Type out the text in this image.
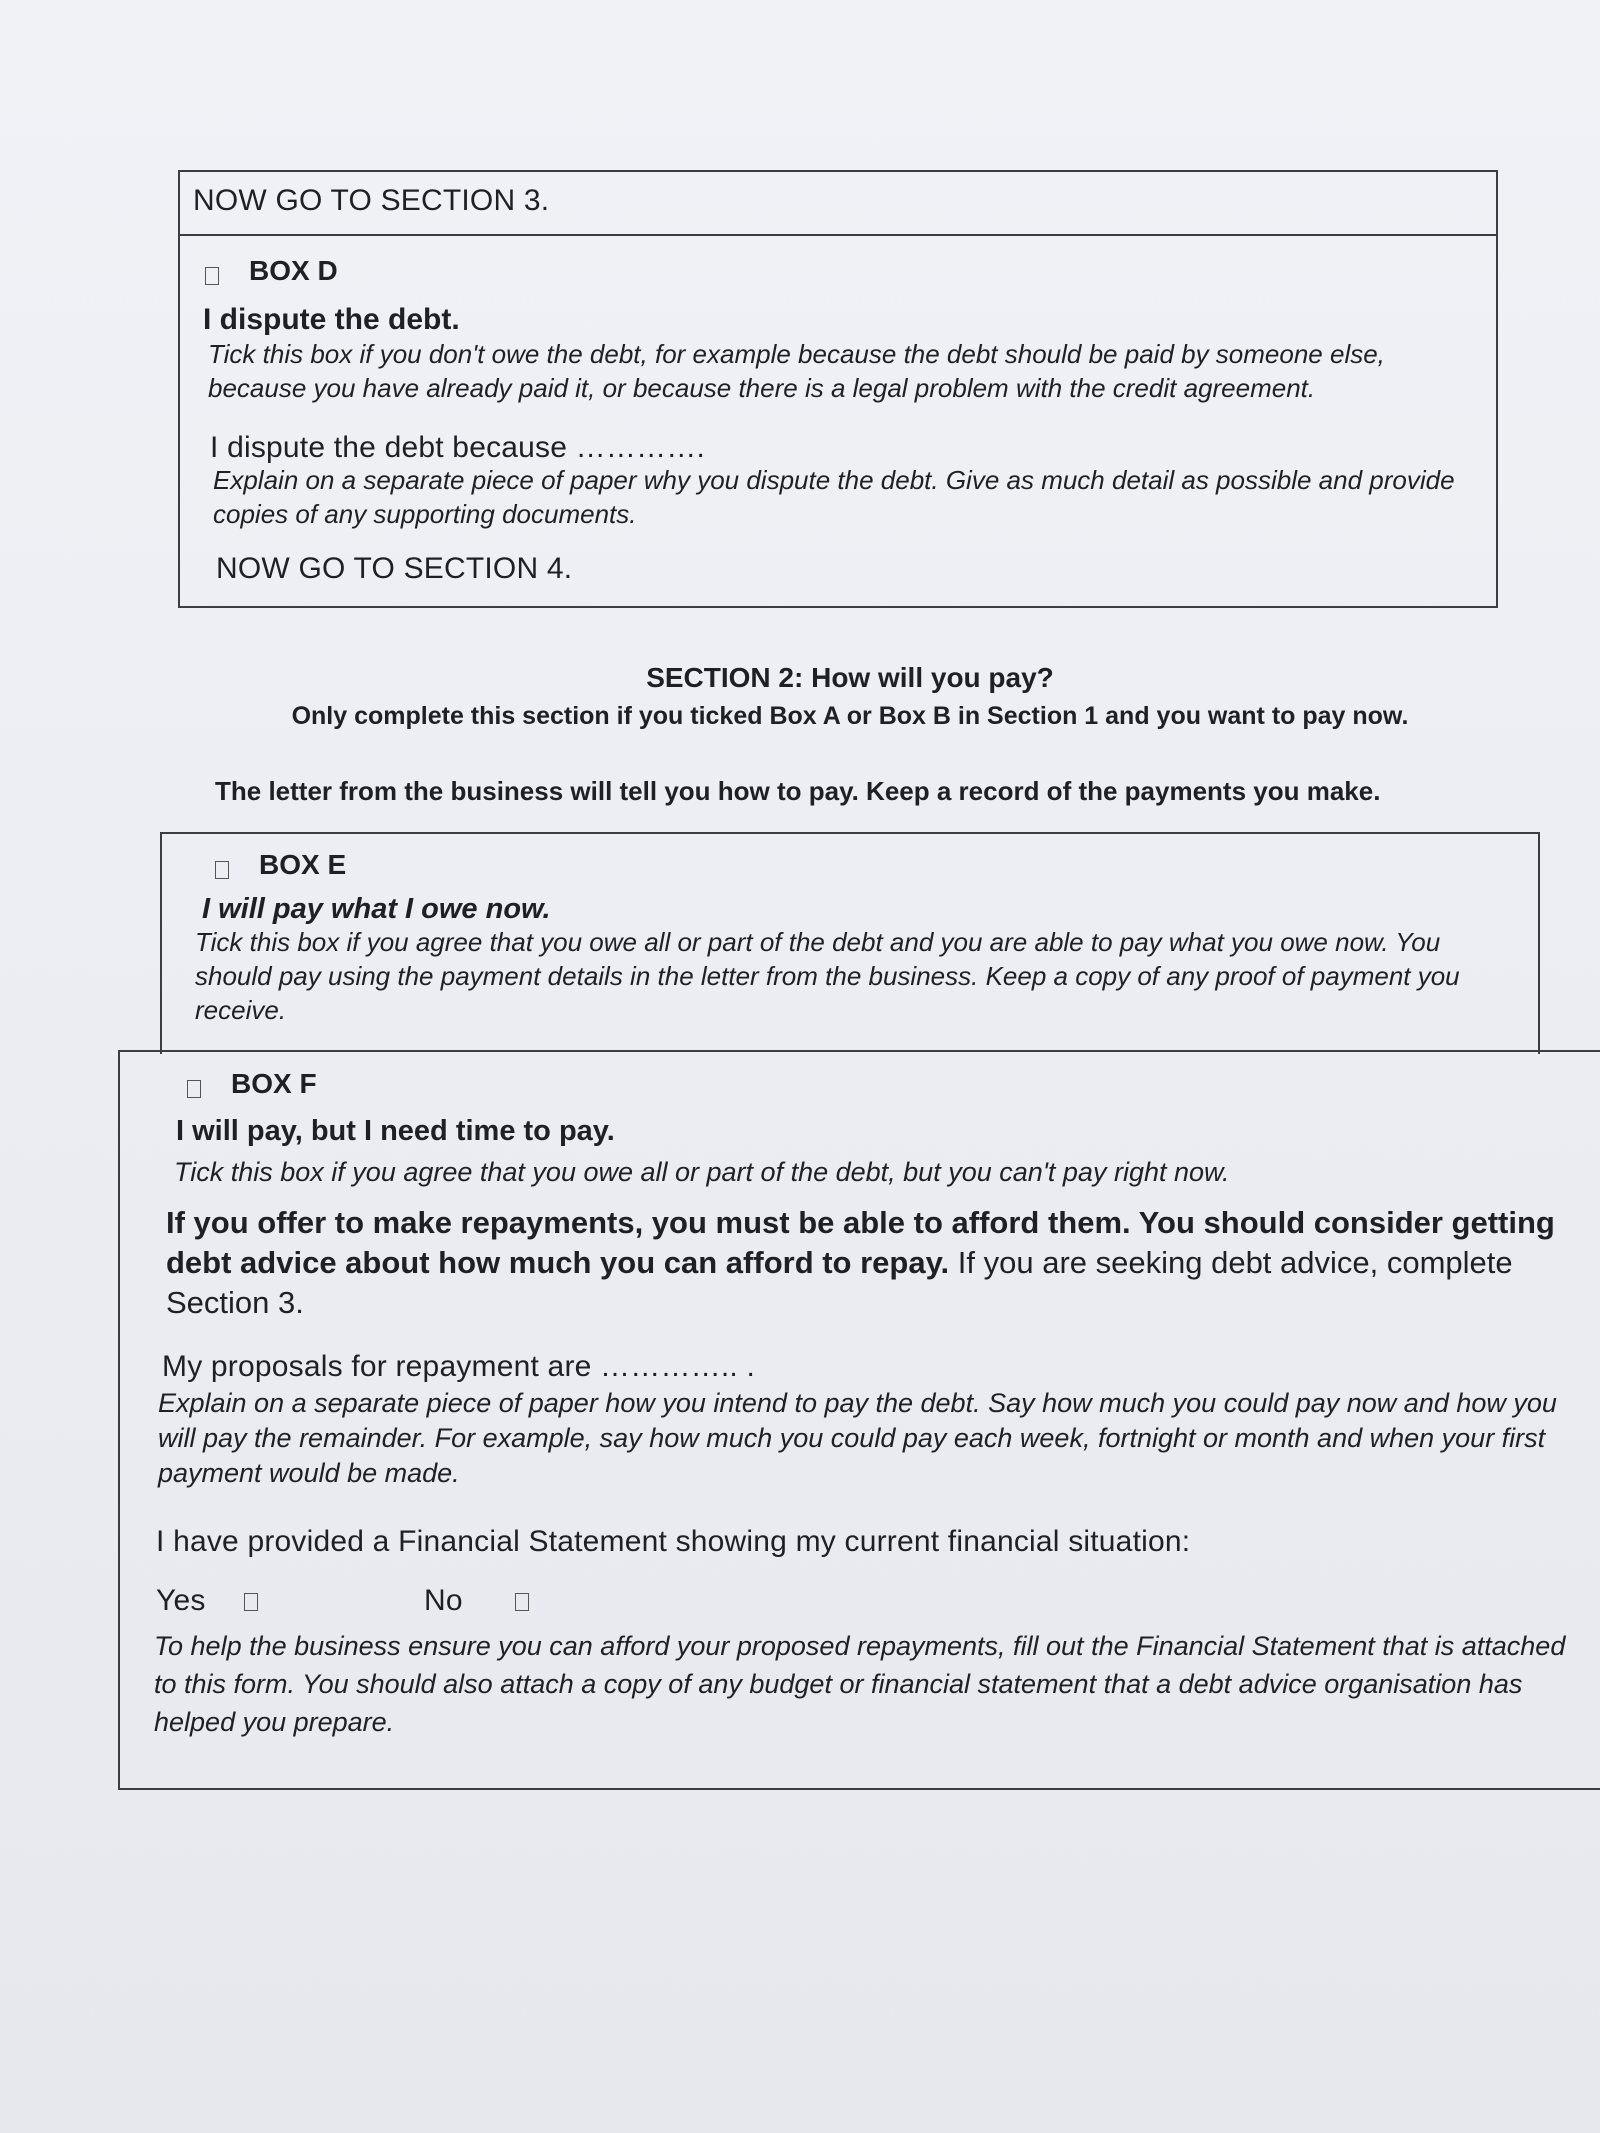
NOW GO TO SECTION 3.
BOX D
I dispute the debt.
Tick this box if you don't owe the debt, for example because the debt should be paid by someone else, because you have already paid it, or because there is a legal problem with the credit agreement.
I dispute the debt because ………….
Explain on a separate piece of paper why you dispute the debt. Give as much detail as possible and provide copies of any supporting documents.
NOW GO TO SECTION 4.
SECTION 2: How will you pay?
Only complete this section if you ticked Box A or Box B in Section 1 and you want to pay now.
The letter from the business will tell you how to pay. Keep a record of the payments you make.
BOX E
I will pay what I owe now.
Tick this box if you agree that you owe all or part of the debt and you are able to pay what you owe now. You should pay using the payment details in the letter from the business. Keep a copy of any proof of payment you receive.
BOX F
I will pay, but I need time to pay.
Tick this box if you agree that you owe all or part of the debt, but you can't pay right now.
If you offer to make repayments, you must be able to afford them. You should consider getting debt advice about how much you can afford to repay. If you are seeking debt advice, complete Section 3.
My proposals for repayment are ………….. .
Explain on a separate piece of paper how you intend to pay the debt. Say how much you could pay now and how you will pay the remainder. For example, say how much you could pay each week, fortnight or month and when your first payment would be made.
I have provided a Financial Statement showing my current financial situation:
Yes	No
To help the business ensure you can afford your proposed repayments, fill out the Financial Statement that is attached to this form. You should also attach a copy of any budget or financial statement that a debt advice organisation has helped you prepare.
